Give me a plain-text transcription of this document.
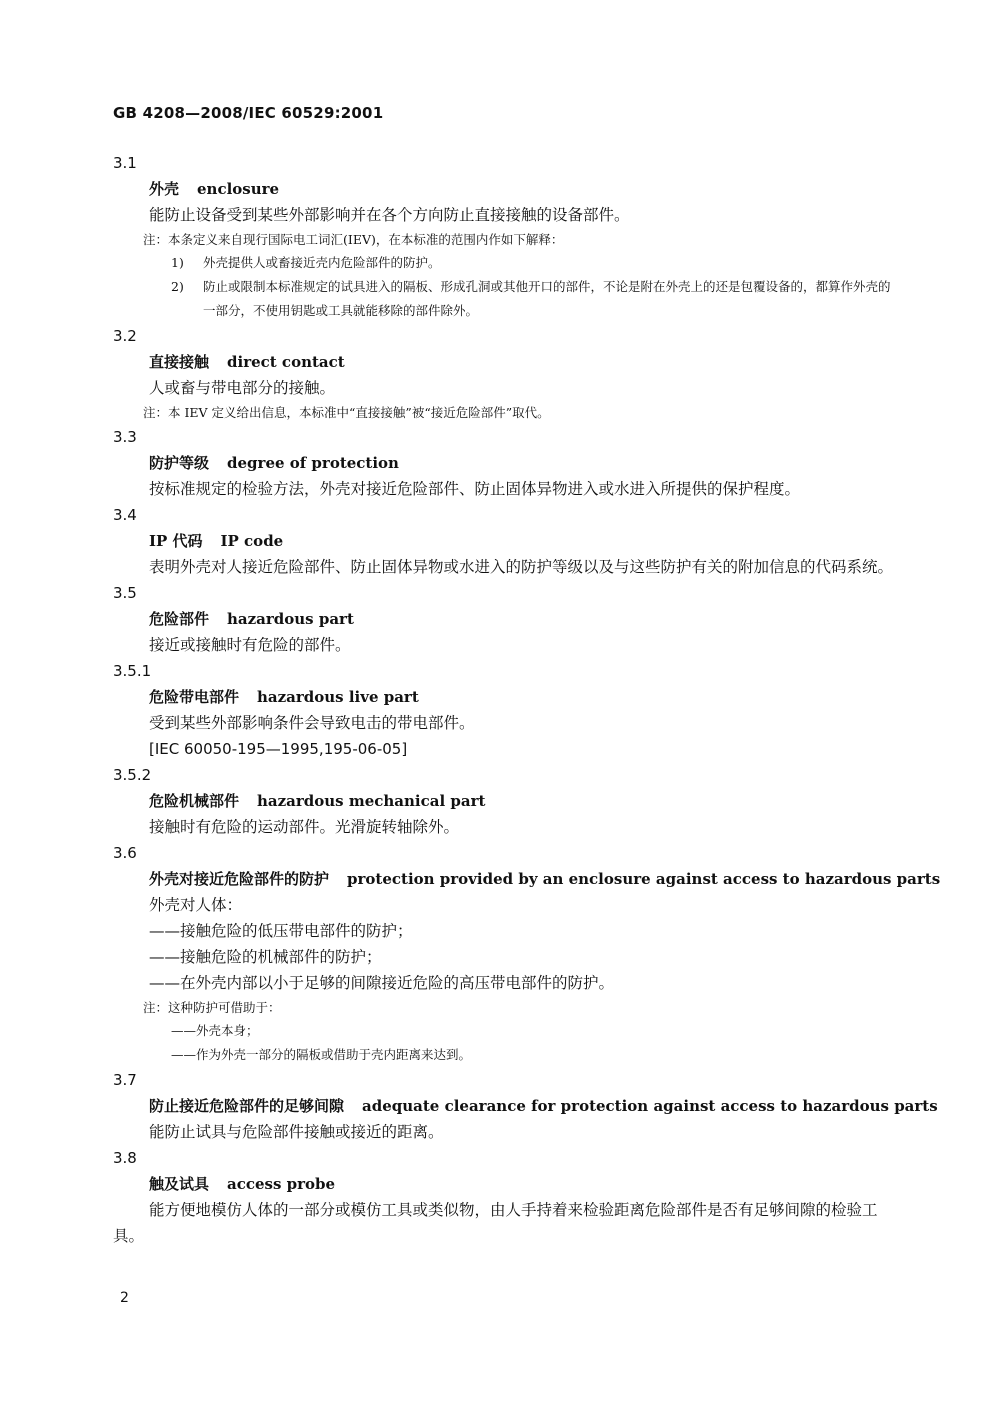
GB 4208—2008/IEC 60529:2001
3.1
外壳 enclosure
能防止设备受到某些外部影响并在各个方向防止直接接触的设备部件。
注：本条定义来自现行国际电工词汇(IEV)，在本标准的范围内作如下解释：
1) 外壳提供人或畜接近壳内危险部件的防护。
2) 防止或限制本标准规定的试具进入的隔板、形成孔洞或其他开口的部件，不论是附在外壳上的还是包覆设备的，都算作外壳的一部分，不使用钥匙或工具就能移除的部件除外。
3.2
直接接触 direct contact
人或畜与带电部分的接触。
注：本 IEV 定义给出信息，本标准中“直接接触”被“接近危险部件”取代。
3.3
防护等级 degree of protection
按标准规定的检验方法，外壳对接近危险部件、防止固体异物进入或水进入所提供的保护程度。
3.4
IP 代码 IP code
表明外壳对人接近危险部件、防止固体异物或水进入的防护等级以及与这些防护有关的附加信息的代码系统。
3.5
危险部件 hazardous part
接近或接触时有危险的部件。
3.5.1
危险带电部件 hazardous live part
受到某些外部影响条件会导致电击的带电部件。
[IEC 60050-195—1995,195-06-05]
3.5.2
危险机械部件 hazardous mechanical part
接触时有危险的运动部件。光滑旋转轴除外。
3.6
外壳对接近危险部件的防护 protection provided by an enclosure against access to hazardous parts
外壳对人体：
——接触危险的低压带电部件的防护；
——接触危险的机械部件的防护；
——在外壳内部以小于足够的间隙接近危险的高压带电部件的防护。
注：这种防护可借助于：
——外壳本身；
——作为外壳一部分的隔板或借助于壳内距离来达到。
3.7
防止接近危险部件的足够间隙 adequate clearance for protection against access to hazardous parts
能防止试具与危险部件接触或接近的距离。
3.8
触及试具 access probe
能方便地模仿人体的一部分或模仿工具或类似物，由人手持着来检验距离危险部件是否有足够间隙的检验工具。
2
